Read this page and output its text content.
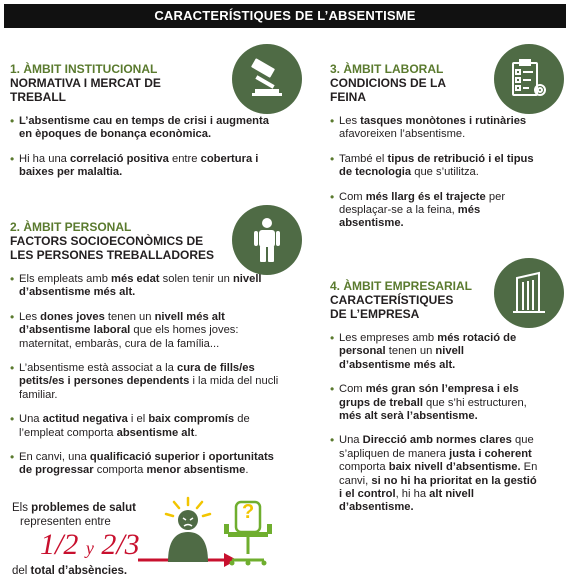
CARACTERÍSTIQUES DE L’ABSENTISME
1. ÀMBIT INSTITUCIONAL
NORMATIVA I MERCAT DE TREBALL
• L’absentisme cau en temps de crisi i augmenta en èpoques de bonança econòmica.
• Hi ha una correlació positiva entre cobertura i baixes per malaltia.
2. ÀMBIT PERSONAL
FACTORS SOCIOECONÒMICS DE LES PERSONES TREBALLADORES
• Els empleats amb més edat solen tenir un nivell d’absentisme més alt.
• Les dones joves tenen un nivell més alt d’absentisme laboral que els homes joves: maternitat, embaràs, cura de la família...
• L’absentisme està associat a la cura de fills/es petits/es i persones dependents i la mida del nucli familiar.
• Una actitud negativa i el baix compromís de l’empleat comporta absentisme alt.
• En canvi, una qualificació superior i oportunitats de progressar comporta menor absentisme.
3. ÀMBIT LABORAL
CONDICIONS DE LA FEINA
• Les tasques monòtones i rutinàries afavoreixen l’absentisme.
• També el tipus de retribució i el tipus de tecnologia que s’utilitza.
• Com més llarg és el trajecte per desplaçar-se a la feina, més absentisme.
4. ÀMBIT EMPRESARIAL
CARACTERÍSTIQUES DE L’EMPRESA
• Les empreses amb més rotació de personal tenen un nivell d’absentisme més alt.
• Com més gran són l’empresa i els grups de treball que s’hi estructuren, més alt serà l’absentisme.
• Una Direcció amb normes clares que s’apliquen de manera justa i coherent comporta baix nivell d’absentisme. En canvi, si no hi ha prioritat en la gestió i el control, hi ha alt nivell d’absentisme.
Els problemes de salut
representen entre
1/2 y 2/3
del total d’absències.
?
